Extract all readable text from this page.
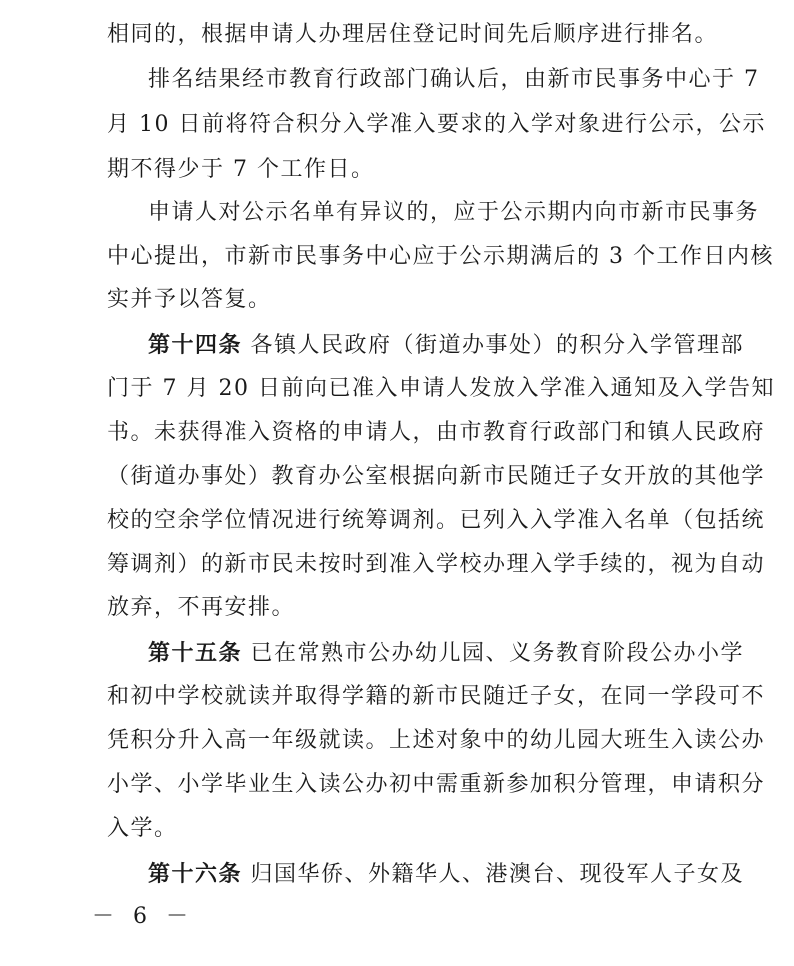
相同的，根据申请人办理居住登记时间先后顺序进行排名。
排名结果经市教育行政部门确认后，由新市民事务中心于 7
月 10 日前将符合积分入学准入要求的入学对象进行公示，公示
期不得少于 7 个工作日。
申请人对公示名单有异议的，应于公示期内向市新市民事务
中心提出，市新市民事务中心应于公示期满后的 3 个工作日内核
实并予以答复。
第十四条 各镇人民政府（街道办事处）的积分入学管理部
门于 7 月 20 日前向已准入申请人发放入学准入通知及入学告知
书。未获得准入资格的申请人，由市教育行政部门和镇人民政府
（街道办事处）教育办公室根据向新市民随迁子女开放的其他学
校的空余学位情况进行统筹调剂。已列入入学准入名单（包括统
筹调剂）的新市民未按时到准入学校办理入学手续的，视为自动
放弃，不再安排。
第十五条 已在常熟市公办幼儿园、义务教育阶段公办小学
和初中学校就读并取得学籍的新市民随迁子女，在同一学段可不
凭积分升入高一年级就读。上述对象中的幼儿园大班生入读公办
小学、小学毕业生入读公办初中需重新参加积分管理，申请积分
入学。
第十六条 归国华侨、外籍华人、港澳台、现役军人子女及
－ 6 －
